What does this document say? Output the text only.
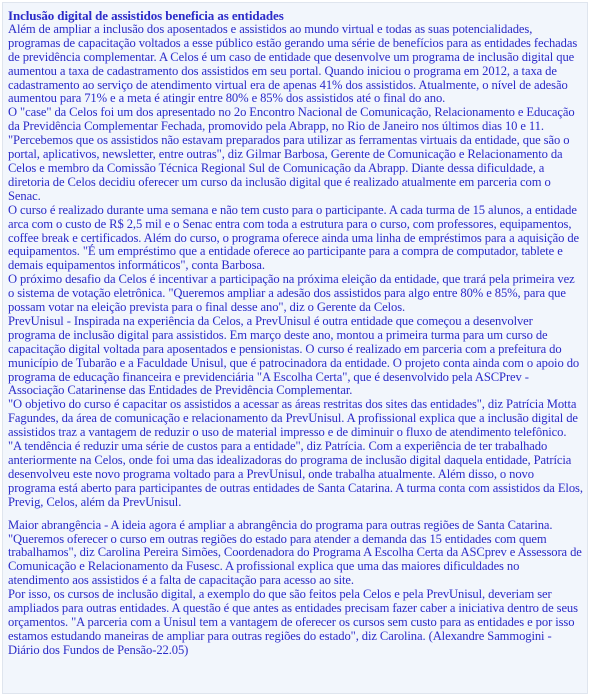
Inclusão digital de assistidos beneficia as entidades

Além de ampliar a inclusão dos aposentados e assistidos ao mundo virtual e todas as suas potencialidades, programas de capacitação voltados a esse público estão gerando uma série de benefícios para as entidades fechadas de previdência complementar. A Celos é um caso de entidade que desenvolve um programa de inclusão digital que aumentou a taxa de cadastramento dos assistidos em seu portal. Quando iniciou o programa em 2012, a taxa de cadastramento ao serviço de atendimento virtual era de apenas 41% dos assistidos. Atualmente, o nível de adesão aumentou para 71% e a meta é atingir entre 80% e 85% dos assistidos até o final do ano.

O "case" da Celos foi um dos apresentado no 2o Encontro Nacional de Comunicação, Relacionamento e Educação da Previdência Complementar Fechada, promovido pela Abrapp, no Rio de Janeiro nos últimos dias 10 e 11.

"Percebemos que os assistidos não estavam preparados para utilizar as ferramentas virtuais da entidade, que são o portal, aplicativos, newsletter, entre outras", diz Gilmar Barbosa, Gerente de Comunicação e Relacionamento da Celos e membro da Comissão Técnica Regional Sul de Comunicação da Abrapp. Diante dessa dificuldade, a diretoria de Celos decidiu oferecer um curso da inclusão digital que é realizado atualmente em parceria com o Senac.

O curso é realizado durante uma semana e não tem custo para o participante. A cada turma de 15 alunos, a entidade arca com o custo de R$ 2,5 mil e o Senac entra com toda a estrutura para o curso, com professores, equipamentos, coffee break e certificados. Além do curso, o programa oferece ainda uma linha de empréstimos para a aquisição de equipamentos. "É um empréstimo que a entidade oferece ao participante para a compra de computador, tablete e demais equipamentos informáticos", conta Barbosa.

O próximo desafio da Celos é incentivar a participação na próxima eleição da entidade, que trará pela primeira vez o sistema de votação eletrônica. "Queremos ampliar a adesão dos assistidos para algo entre 80% e 85%, para que possam votar na eleição prevista para o final desse ano", diz o Gerente da Celos.

PrevUnisul - Inspirada na experiência da Celos, a PrevUnisul é outra entidade que começou a desenvolver programa de inclusão digital para assistidos. Em março deste ano, montou a primeira turma para um curso de capacitação digital voltada para aposentados e pensionistas. O curso é realizado em parceria com a prefeitura do município de Tubarão e a Faculdade Unisul, que é patrocinadora da entidade. O projeto conta ainda com o apoio do programa de educação financeira e previdenciária "A Escolha Certa", que é desenvolvido pela ASCPrev - Associação Catarinense das Entidades de Previdência Complementar.

"O objetivo do curso é capacitar os assistidos a acessar as áreas restritas dos sites das entidades", diz Patrícia Motta Fagundes, da área de comunicação e relacionamento da PrevUnisul. A profissional explica que a inclusão digital de assistidos traz a vantagem de reduzir o uso de material impresso e de diminuir o fluxo de atendimento telefônico.

"A tendência é reduzir uma série de custos para a entidade", diz Patrícia. Com a experiência de ter trabalhado anteriormente na Celos, onde foi uma das idealizadoras do programa de inclusão digital daquela entidade, Patrícia desenvolveu este novo programa voltado para a PrevUnisul, onde trabalha atualmente. Além disso, o novo programa está aberto para participantes de outras entidades de Santa Catarina. A turma conta com assistidos da Elos, Previg, Celos, além da PrevUnisul.

Maior abrangência - A ideia agora é ampliar a abrangência do programa para outras regiões de Santa Catarina. "Queremos oferecer o curso em outras regiões do estado para atender a demanda das 15 entidades com quem trabalhamos", diz Carolina Pereira Simões, Coordenadora do Programa A Escolha Certa da ASCprev e Assessora de Comunicação e Relacionamento da Fusesc. A profissional explica que uma das maiores dificuldades no atendimento aos assistidos é a falta de capacitação para acesso ao site.

Por isso, os cursos de inclusão digital, a exemplo do que são feitos pela Celos e pela PrevUnisul, deveriam ser ampliados para outras entidades. A questão é que antes as entidades precisam fazer caber a iniciativa dentro de seus orçamentos. "A parceria com a Unisul tem a vantagem de oferecer os cursos sem custo para as entidades e por isso estamos estudando maneiras de ampliar para outras regiões do estado", diz Carolina. (Alexandre Sammogini - Diário dos Fundos de Pensão-22.05)
